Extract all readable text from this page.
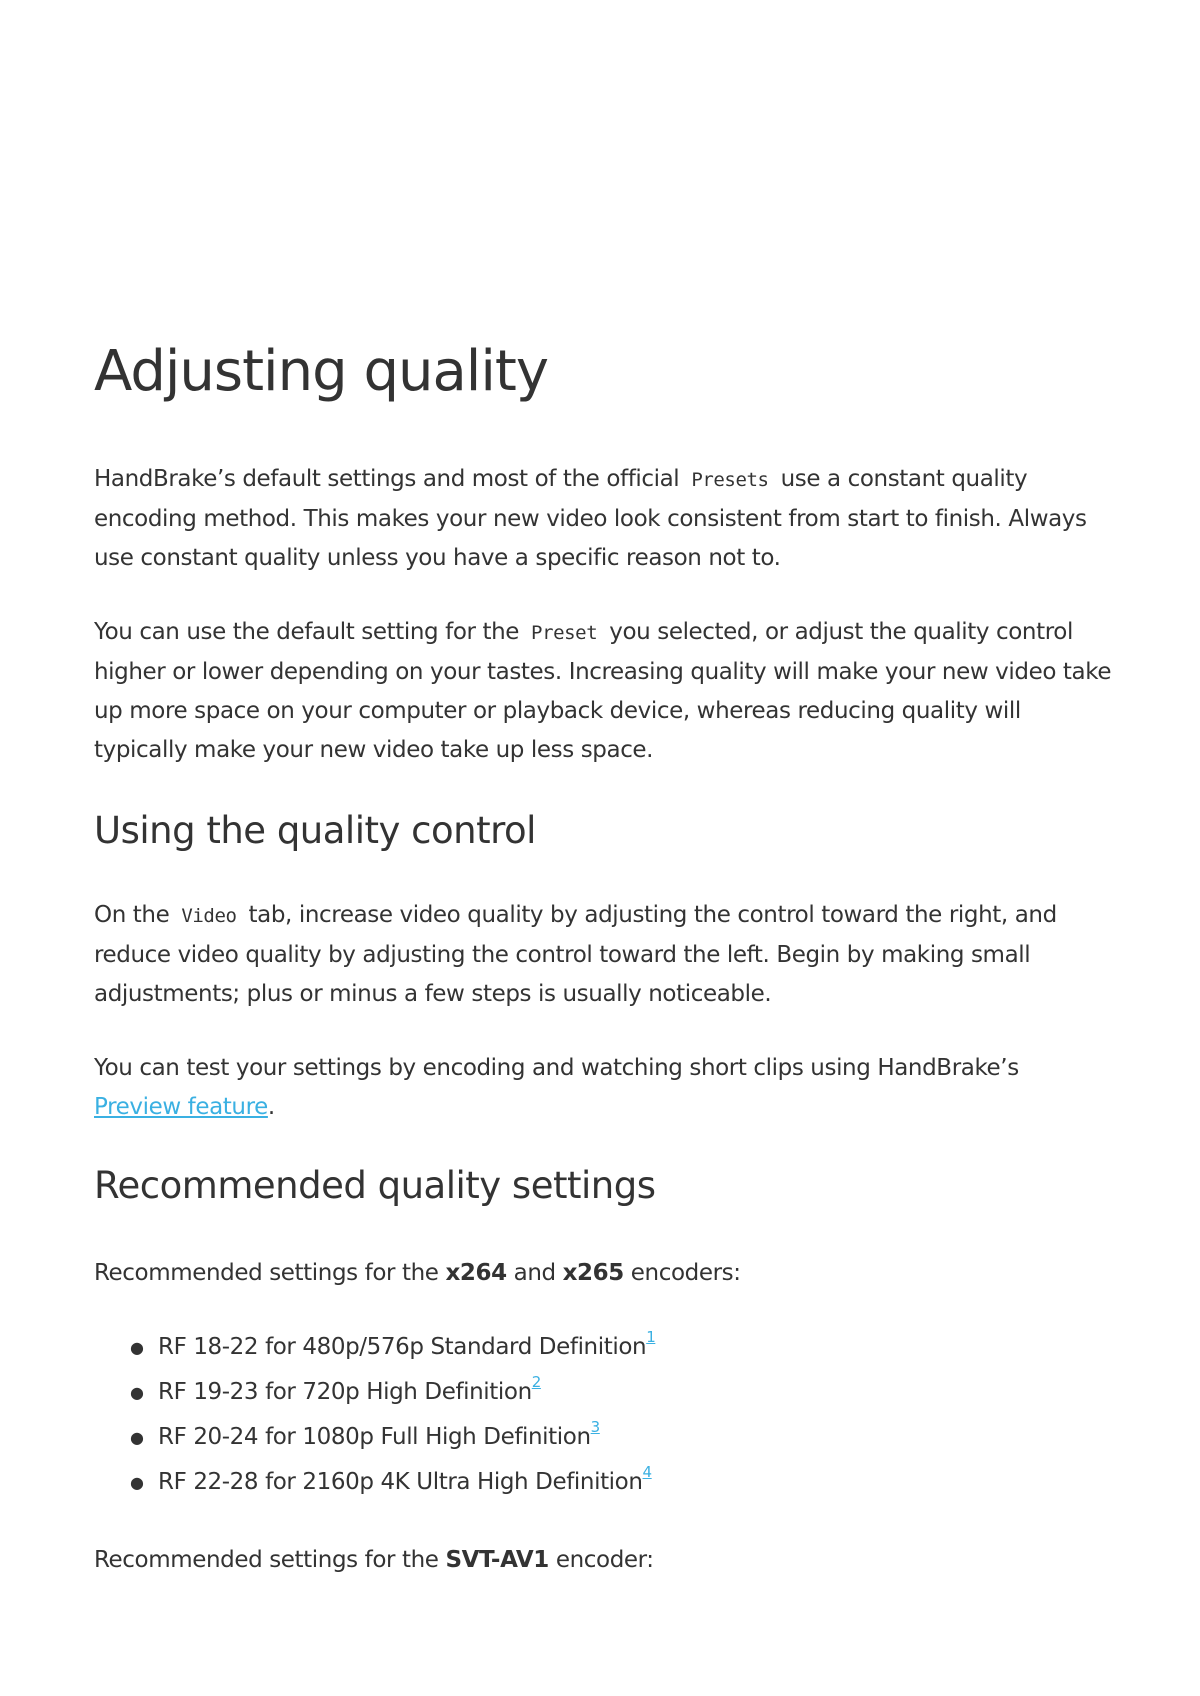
Adjusting quality

HandBrake’s default settings and most of the official Presets use a constant quality encoding method. This makes your new video look consistent from start to finish. Always use constant quality unless you have a specific reason not to.

You can use the default setting for the Preset you selected, or adjust the quality control higher or lower depending on your tastes. Increasing quality will make your new video take up more space on your computer or playback device, whereas reducing quality will typically make your new video take up less space.

Using the quality control

On the Video tab, increase video quality by adjusting the control toward the right, and reduce video quality by adjusting the control toward the left. Begin by making small adjustments; plus or minus a few steps is usually noticeable.

You can test your settings by encoding and watching short clips using HandBrake’s
Preview feature.

Recommended quality settings

Recommended settings for the x264 and x265 encoders:

● RF 18-22 for 480p/576p Standard Definition$^1$
● RF 19-23 for 720p High Definition$^2$
● RF 20-24 for 1080p Full High Definition$^3$
● RF 22-28 for 2160p 4K Ultra High Definition$^4$

Recommended settings for the SVT-AV1 encoder:
